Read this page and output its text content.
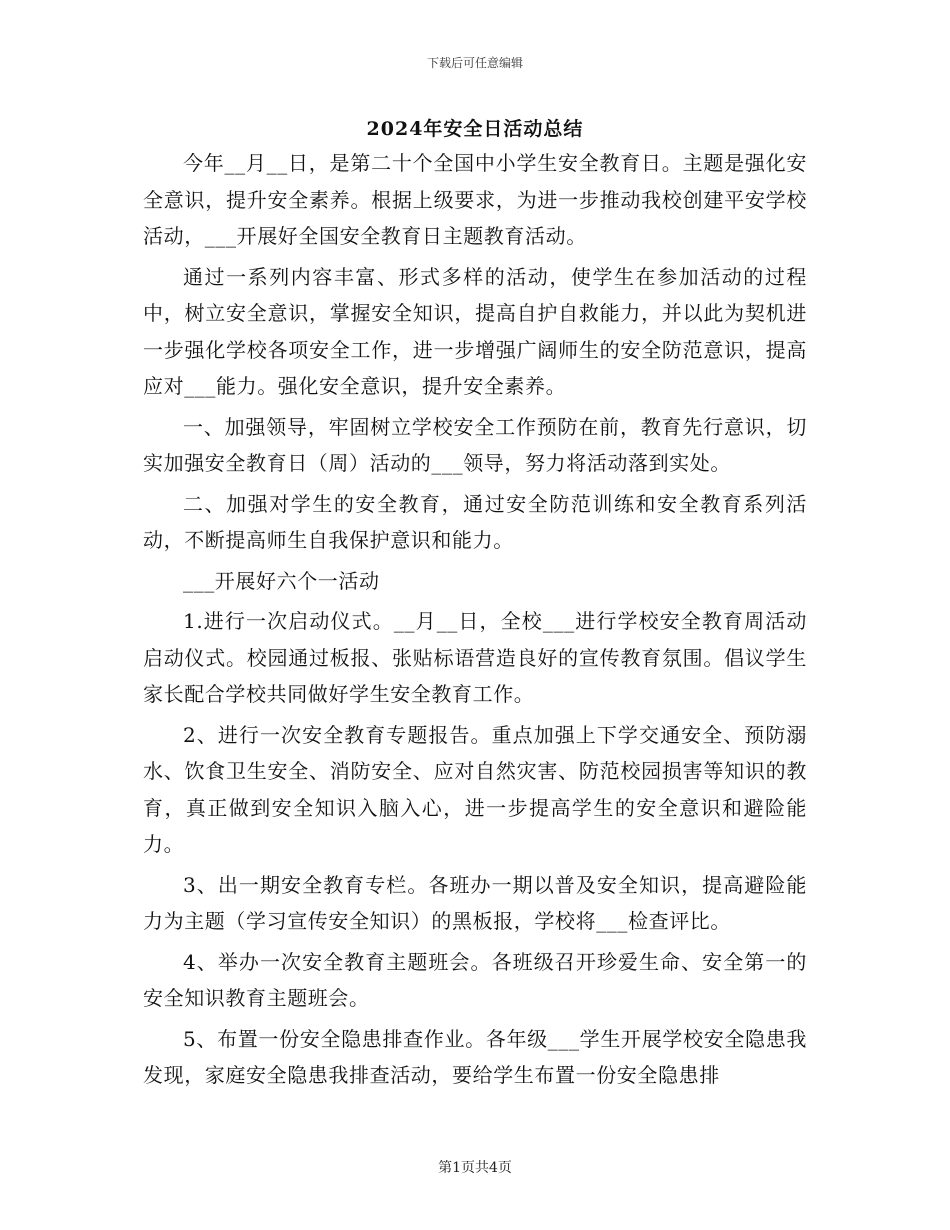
下载后可任意编辑
2024年安全日活动总结

今年__月__日，是第二十个全国中小学生安全教育日。主题是强化安全意识，提升安全素养。根据上级要求，为进一步推动我校创建平安学校活动，___开展好全国安全教育日主题教育活动。

通过一系列内容丰富、形式多样的活动，使学生在参加活动的过程中，树立安全意识，掌握安全知识，提高自护自救能力，并以此为契机进一步强化学校各项安全工作，进一步增强广阔师生的安全防范意识，提高应对___能力。强化安全意识，提升安全素养。

一、加强领导，牢固树立学校安全工作预防在前，教育先行意识，切实加强安全教育日（周）活动的___领导，努力将活动落到实处。

二、加强对学生的安全教育，通过安全防范训练和安全教育系列活动，不断提高师生自我保护意识和能力。

___开展好六个一活动

1.进行一次启动仪式。__月__日，全校___进行学校安全教育周活动启动仪式。校园通过板报、张贴标语营造良好的宣传教育氛围。倡议学生家长配合学校共同做好学生安全教育工作。

2、进行一次安全教育专题报告。重点加强上下学交通安全、预防溺水、饮食卫生安全、消防安全、应对自然灾害、防范校园损害等知识的教育，真正做到安全知识入脑入心，进一步提高学生的安全意识和避险能力。

3、出一期安全教育专栏。各班办一期以普及安全知识，提高避险能力为主题（学习宣传安全知识）的黑板报，学校将___检查评比。

4、举办一次安全教育主题班会。各班级召开珍爱生命、安全第一的安全知识教育主题班会。

5、布置一份安全隐患排查作业。各年级___学生开展学校安全隐患我发现，家庭安全隐患我排查活动，要给学生布置一份安全隐患排

第1页共4页
